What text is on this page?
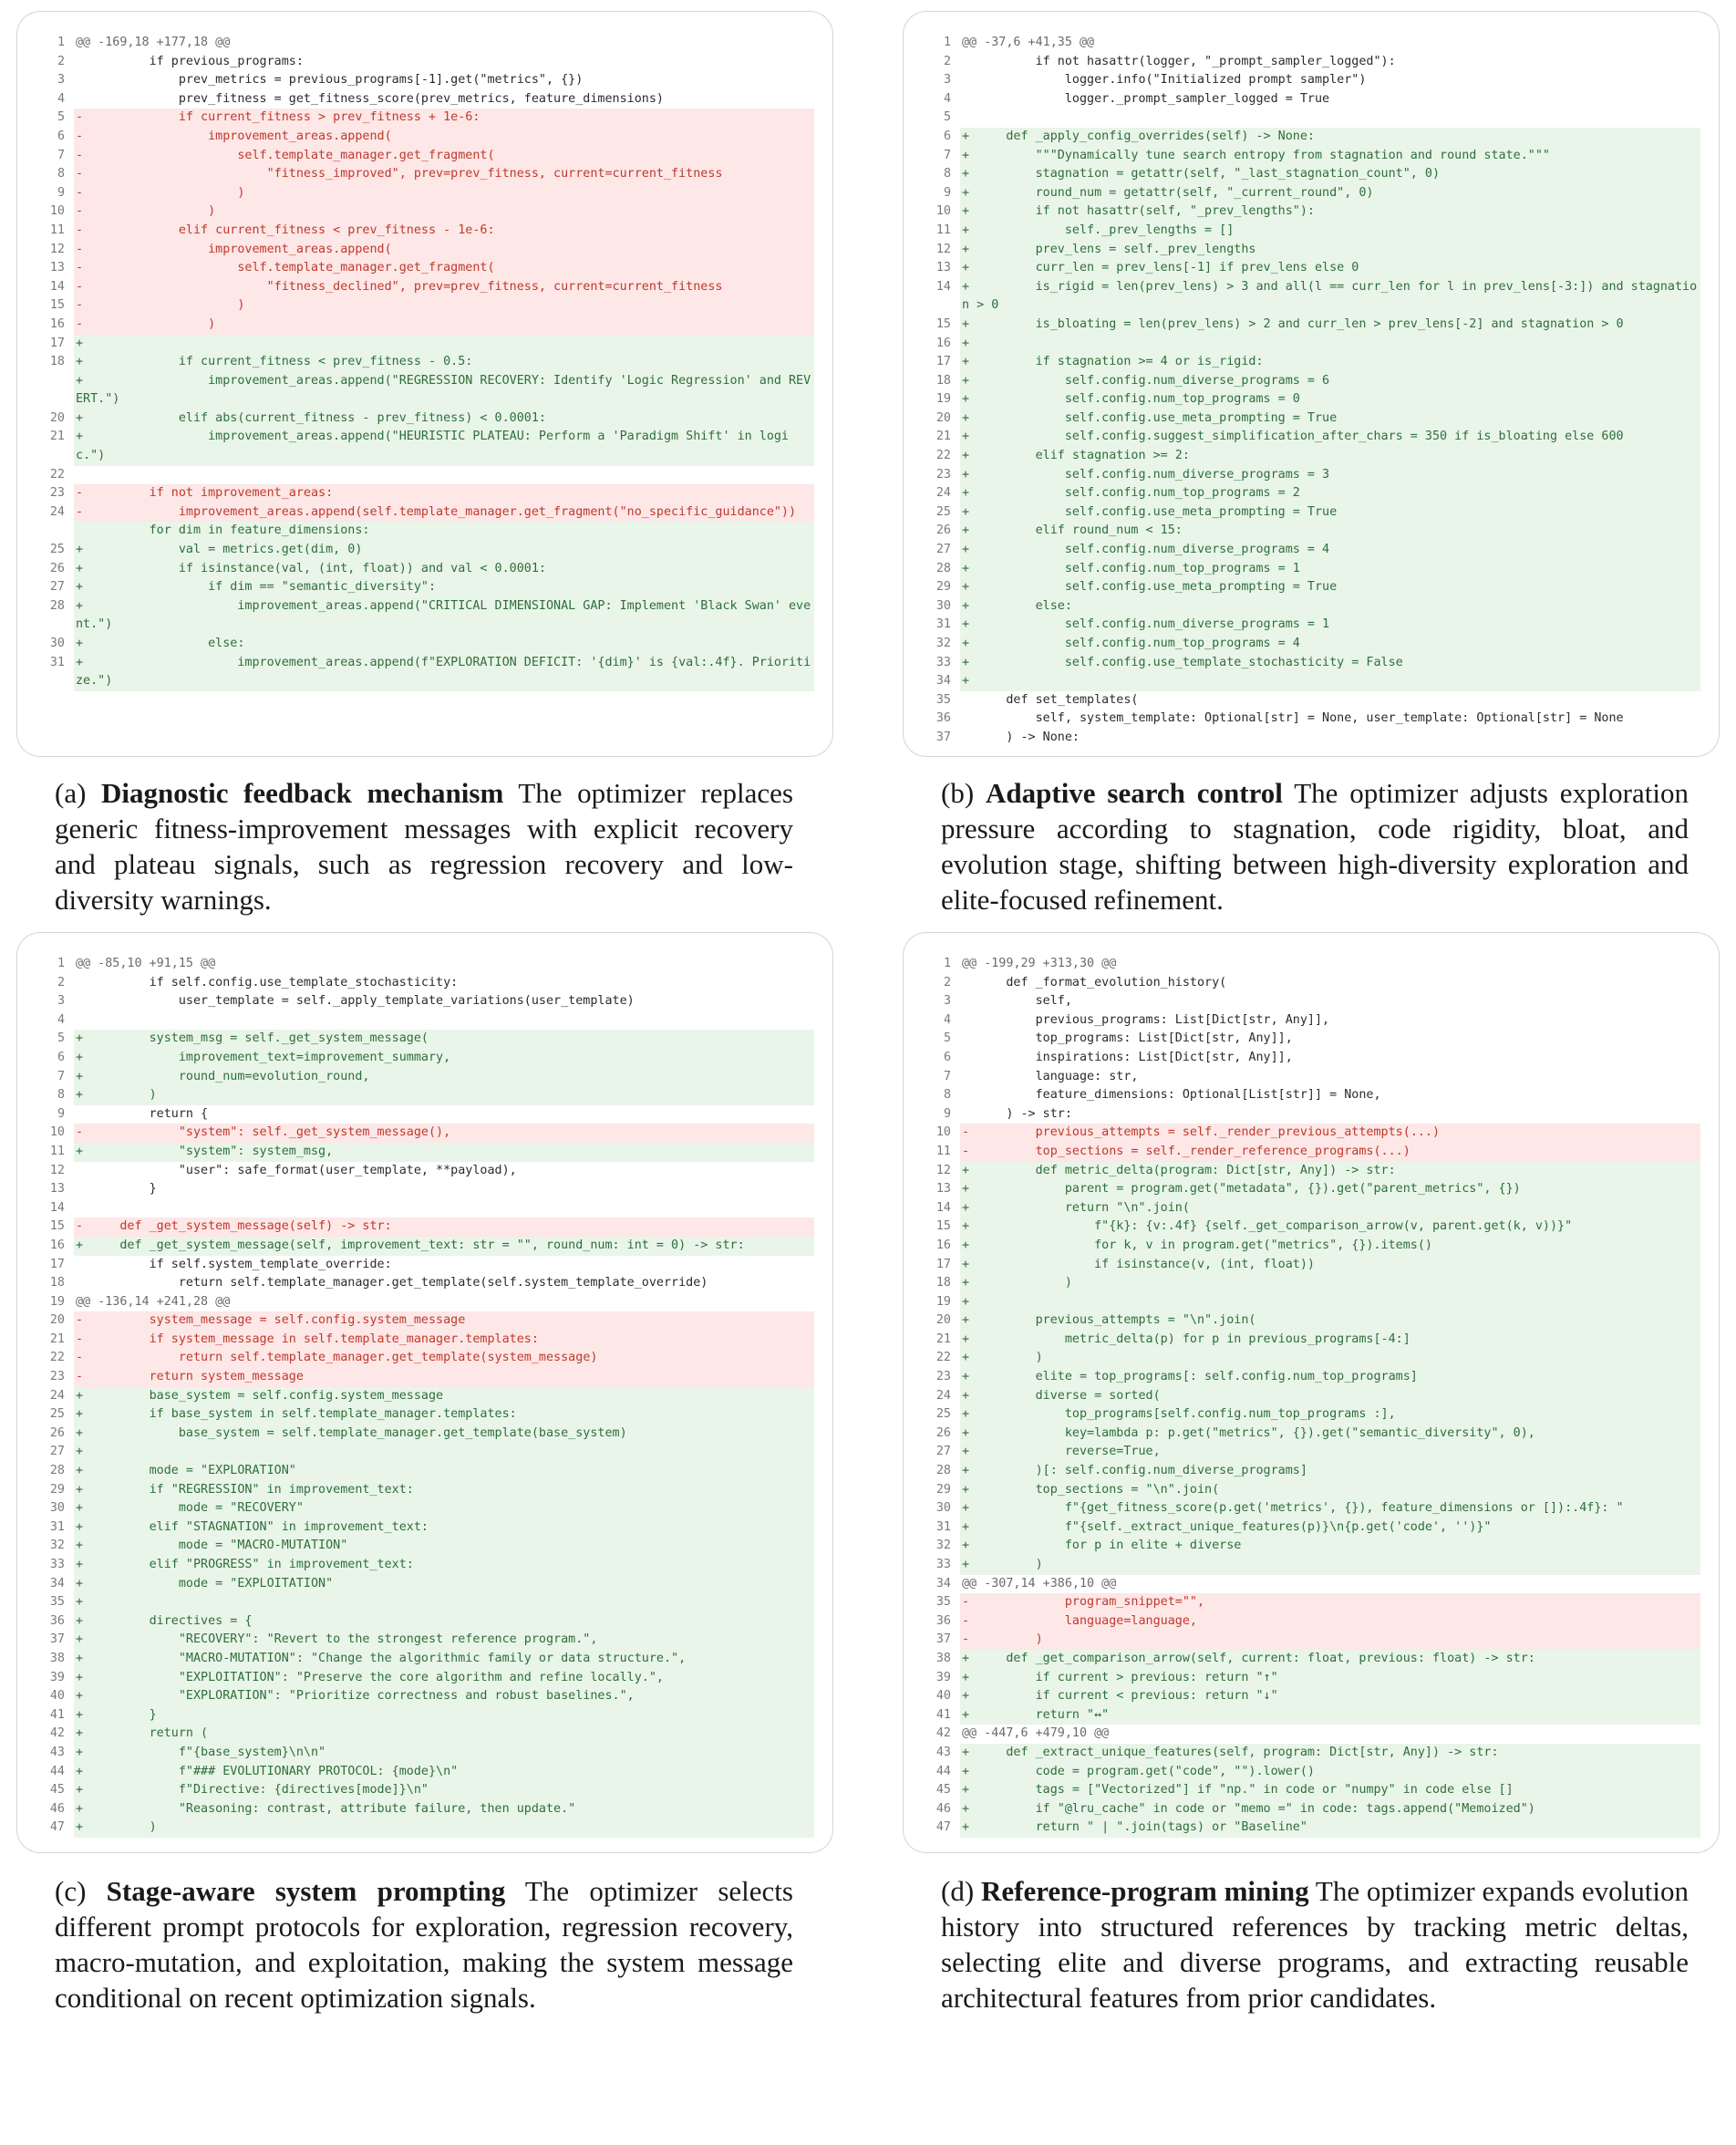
1 @@ -169,18 +177,18 @@
2 if previous_programs:
3 prev_metrics = previous_programs[-1].get("metrics", {})
4 prev_fitness = get_fitness_score(prev_metrics, feature_dimensions)
5 -             if current_fitness > prev_fitness + 1e-6:
6 -                 improvement_areas.append(
7 -                     self.template_manager.get_fragment(
8 -                         "fitness_improved", prev=prev_fitness, current=current_fitness
9 -                     )
10 -                 )
11 -             elif current_fitness < prev_fitness - 1e-6:
12 -                 improvement_areas.append(
13 -                     self.template_manager.get_fragment(
14 -                         "fitness_declined", prev=prev_fitness, current=current_fitness
15 -                     )
16 -                 )
17 +
18 +             if current_fitness < prev_fitness - 0.5:
+                 improvement_areas.append("REGRESSION RECOVERY: Identify 'Logic Regression' and REVERT.")
20 +             elif abs(current_fitness - prev_fitness) < 0.0001:
21 +                 improvement_areas.append("HEURISTIC PLATEAU: Perform a 'Paradigm Shift' in logic.")
22

23 -         if not improvement_areas:
24 -             improvement_areas.append(self.template_manager.get_fragment("no_specific_guidance"))
for dim in feature_dimensions:
25 +             val = metrics.get(dim, 0)
26 +             if isinstance(val, (int, float)) and val < 0.0001:
27 +                 if dim == "semantic_diversity":
28 +                     improvement_areas.append("CRITICAL DIMENSIONAL GAP: Implement 'Black Swan' event.")
30 +                 else:
31 +                     improvement_areas.append(f"EXPLORATION DEFICIT: '{dim}' is {val:.4f}. Prioritize.")
(a) Diagnostic feedback mechanism The optimizer replaces generic fitness-improvement messages with explicit recovery and plateau signals, such as regression recovery and low-diversity warnings.
1 @@ -37,6 +41,35 @@
2 if not hasattr(logger, "_prompt_sampler_logged"):
3 logger.info("Initialized prompt sampler")
4 logger._prompt_sampler_logged = True
5

6 +     def _apply_config_overrides(self) -> None:
7 +         """Dynamically tune search entropy from stagnation and round state."""
8 +         stagnation = getattr(self, "_last_stagnation_count", 0)
9 +         round_num = getattr(self, "_current_round", 0)
10 +         if not hasattr(self, "_prev_lengths"):
11 +             self._prev_lengths = []
12 +         prev_lens = self._prev_lengths
13 +         curr_len = prev_lens[-1] if prev_lens else 0
14 +         is_rigid = len(prev_lens) > 3 and all(l == curr_len for l in prev_lens[-3:]) and stagnation > 0
15 +         is_bloating = len(prev_lens) > 2 and curr_len > prev_lens[-2] and stagnation > 0
16 +
17 +         if stagnation >= 4 or is_rigid:
18 +             self.config.num_diverse_programs = 6
19 +             self.config.num_top_programs = 0
20 +             self.config.use_meta_prompting = True
21 +             self.config.suggest_simplification_after_chars = 350 if is_bloating else 600
22 +         elif stagnation >= 2:
23 +             self.config.num_diverse_programs = 3
24 +             self.config.num_top_programs = 2
25 +             self.config.use_meta_prompting = True
26 +         elif round_num < 15:
27 +             self.config.num_diverse_programs = 4
28 +             self.config.num_top_programs = 1
29 +             self.config.use_meta_prompting = True
30 +         else:
31 +             self.config.num_diverse_programs = 1
32 +             self.config.num_top_programs = 4
33 +             self.config.use_template_stochasticity = False
34 +
35 def set_templates(
36 self, system_template: Optional[str] = None, user_template: Optional[str] = None
37 ) -> None:
(b) Adaptive search control The optimizer adjusts exploration pressure according to stagnation, code rigidity, bloat, and evolution stage, shifting between high-diversity exploration and elite-focused refinement.
1 @@ -85,10 +91,15 @@
2 if self.config.use_template_stochasticity:
3 user_template = self._apply_template_variations(user_template)
4

5 +         system_msg = self._get_system_message(
6 +             improvement_text=improvement_summary,
7 +             round_num=evolution_round,
8 +         )
9 return {
10 -             "system": self._get_system_message(),
11 +             "system": system_msg,
12 "user": safe_format(user_template, **payload),
13 }
14

15 -     def _get_system_message(self) -> str:
16 +     def _get_system_message(self, improvement_text: str = "", round_num: int = 0) -> str:
17 if self.system_template_override:
18 return self.template_manager.get_template(self.system_template_override)
19 @@ -136,14 +241,28 @@
20 -         system_message = self.config.system_message
21 -         if system_message in self.template_manager.templates:
22 -             return self.template_manager.get_template(system_message)
23 -         return system_message
24 +         base_system = self.config.system_message
25 +         if base_system in self.template_manager.templates:
26 +             base_system = self.template_manager.get_template(base_system)
27 +
28 +         mode = "EXPLORATION"
29 +         if "REGRESSION" in improvement_text:
30 +             mode = "RECOVERY"
31 +         elif "STAGNATION" in improvement_text:
32 +             mode = "MACRO-MUTATION"
33 +         elif "PROGRESS" in improvement_text:
34 +             mode = "EXPLOITATION"
35 +
36 +         directives = {
37 +             "RECOVERY": "Revert to the strongest reference program.",
38 +             "MACRO-MUTATION": "Change the algorithmic family or data structure.",
39 +             "EXPLOITATION": "Preserve the core algorithm and refine locally.",
40 +             "EXPLORATION": "Prioritize correctness and robust baselines.",
41 +         }
42 +         return (
43 +             f"{base_system}\n\n"
44 +             f"### EVOLUTIONARY PROTOCOL: {mode}\n"
45 +             f"Directive: {directives[mode]}\n"
46 +             "Reasoning: contrast, attribute failure, then update."
47 +         )
(c) Stage-aware system prompting The optimizer selects different prompt protocols for exploration, regression recovery, macro-mutation, and exploitation, making the system message conditional on recent optimization signals.
1 @@ -199,29 +313,30 @@
2 def _format_evolution_history(
3 self,
4 previous_programs: List[Dict[str, Any]],
5 top_programs: List[Dict[str, Any]],
6 inspirations: List[Dict[str, Any]],
7 language: str,
8 feature_dimensions: Optional[List[str]] = None,
9 ) -> str:
10 -         previous_attempts = self._render_previous_attempts(...)
11 -         top_sections = self._render_reference_programs(...)
12 +         def metric_delta(program: Dict[str, Any]) -> str:
13 +             parent = program.get("metadata", {}).get("parent_metrics", {})
14 +             return "\n".join(
15 +                 f"{k}: {v:.4f} {self._get_comparison_arrow(v, parent.get(k, v))}"
16 +                 for k, v in program.get("metrics", {}).items()
17 +                 if isinstance(v, (int, float))
18 +             )
19 +
20 +         previous_attempts = "\n".join(
21 +             metric_delta(p) for p in previous_programs[-4:]
22 +         )
23 +         elite = top_programs[: self.config.num_top_programs]
24 +         diverse = sorted(
25 +             top_programs[self.config.num_top_programs :],
26 +             key=lambda p: p.get("metrics", {}).get("semantic_diversity", 0),
27 +             reverse=True,
28 +         )[: self.config.num_diverse_programs]
29 +         top_sections = "\n".join(
30 +             f"{get_fitness_score(p.get('metrics', {}), feature_dimensions or []):.4f}: "
31 +             f"{self._extract_unique_features(p)}\n{p.get('code', '')}"
32 +             for p in elite + diverse
33 +         )
34 @@ -307,14 +386,10 @@
35 -             program_snippet="",
36 -             language=language,
37 -         )
38 +     def _get_comparison_arrow(self, current: float, previous: float) -> str:
39 +         if current > previous: return "↑"
40 +         if current < previous: return "↓"
41 +         return "↔"
42 @@ -447,6 +479,10 @@
43 +     def _extract_unique_features(self, program: Dict[str, Any]) -> str:
44 +         code = program.get("code", "").lower()
45 +         tags = ["Vectorized"] if "np." in code or "numpy" in code else []
46 +         if "@lru_cache" in code or "memo =" in code: tags.append("Memoized")
47 +         return " | ".join(tags) or "Baseline"
(d) Reference-program mining The optimizer expands evolution history into structured references by tracking metric deltas, selecting elite and diverse programs, and extracting reusable architectural features from prior candidates.
